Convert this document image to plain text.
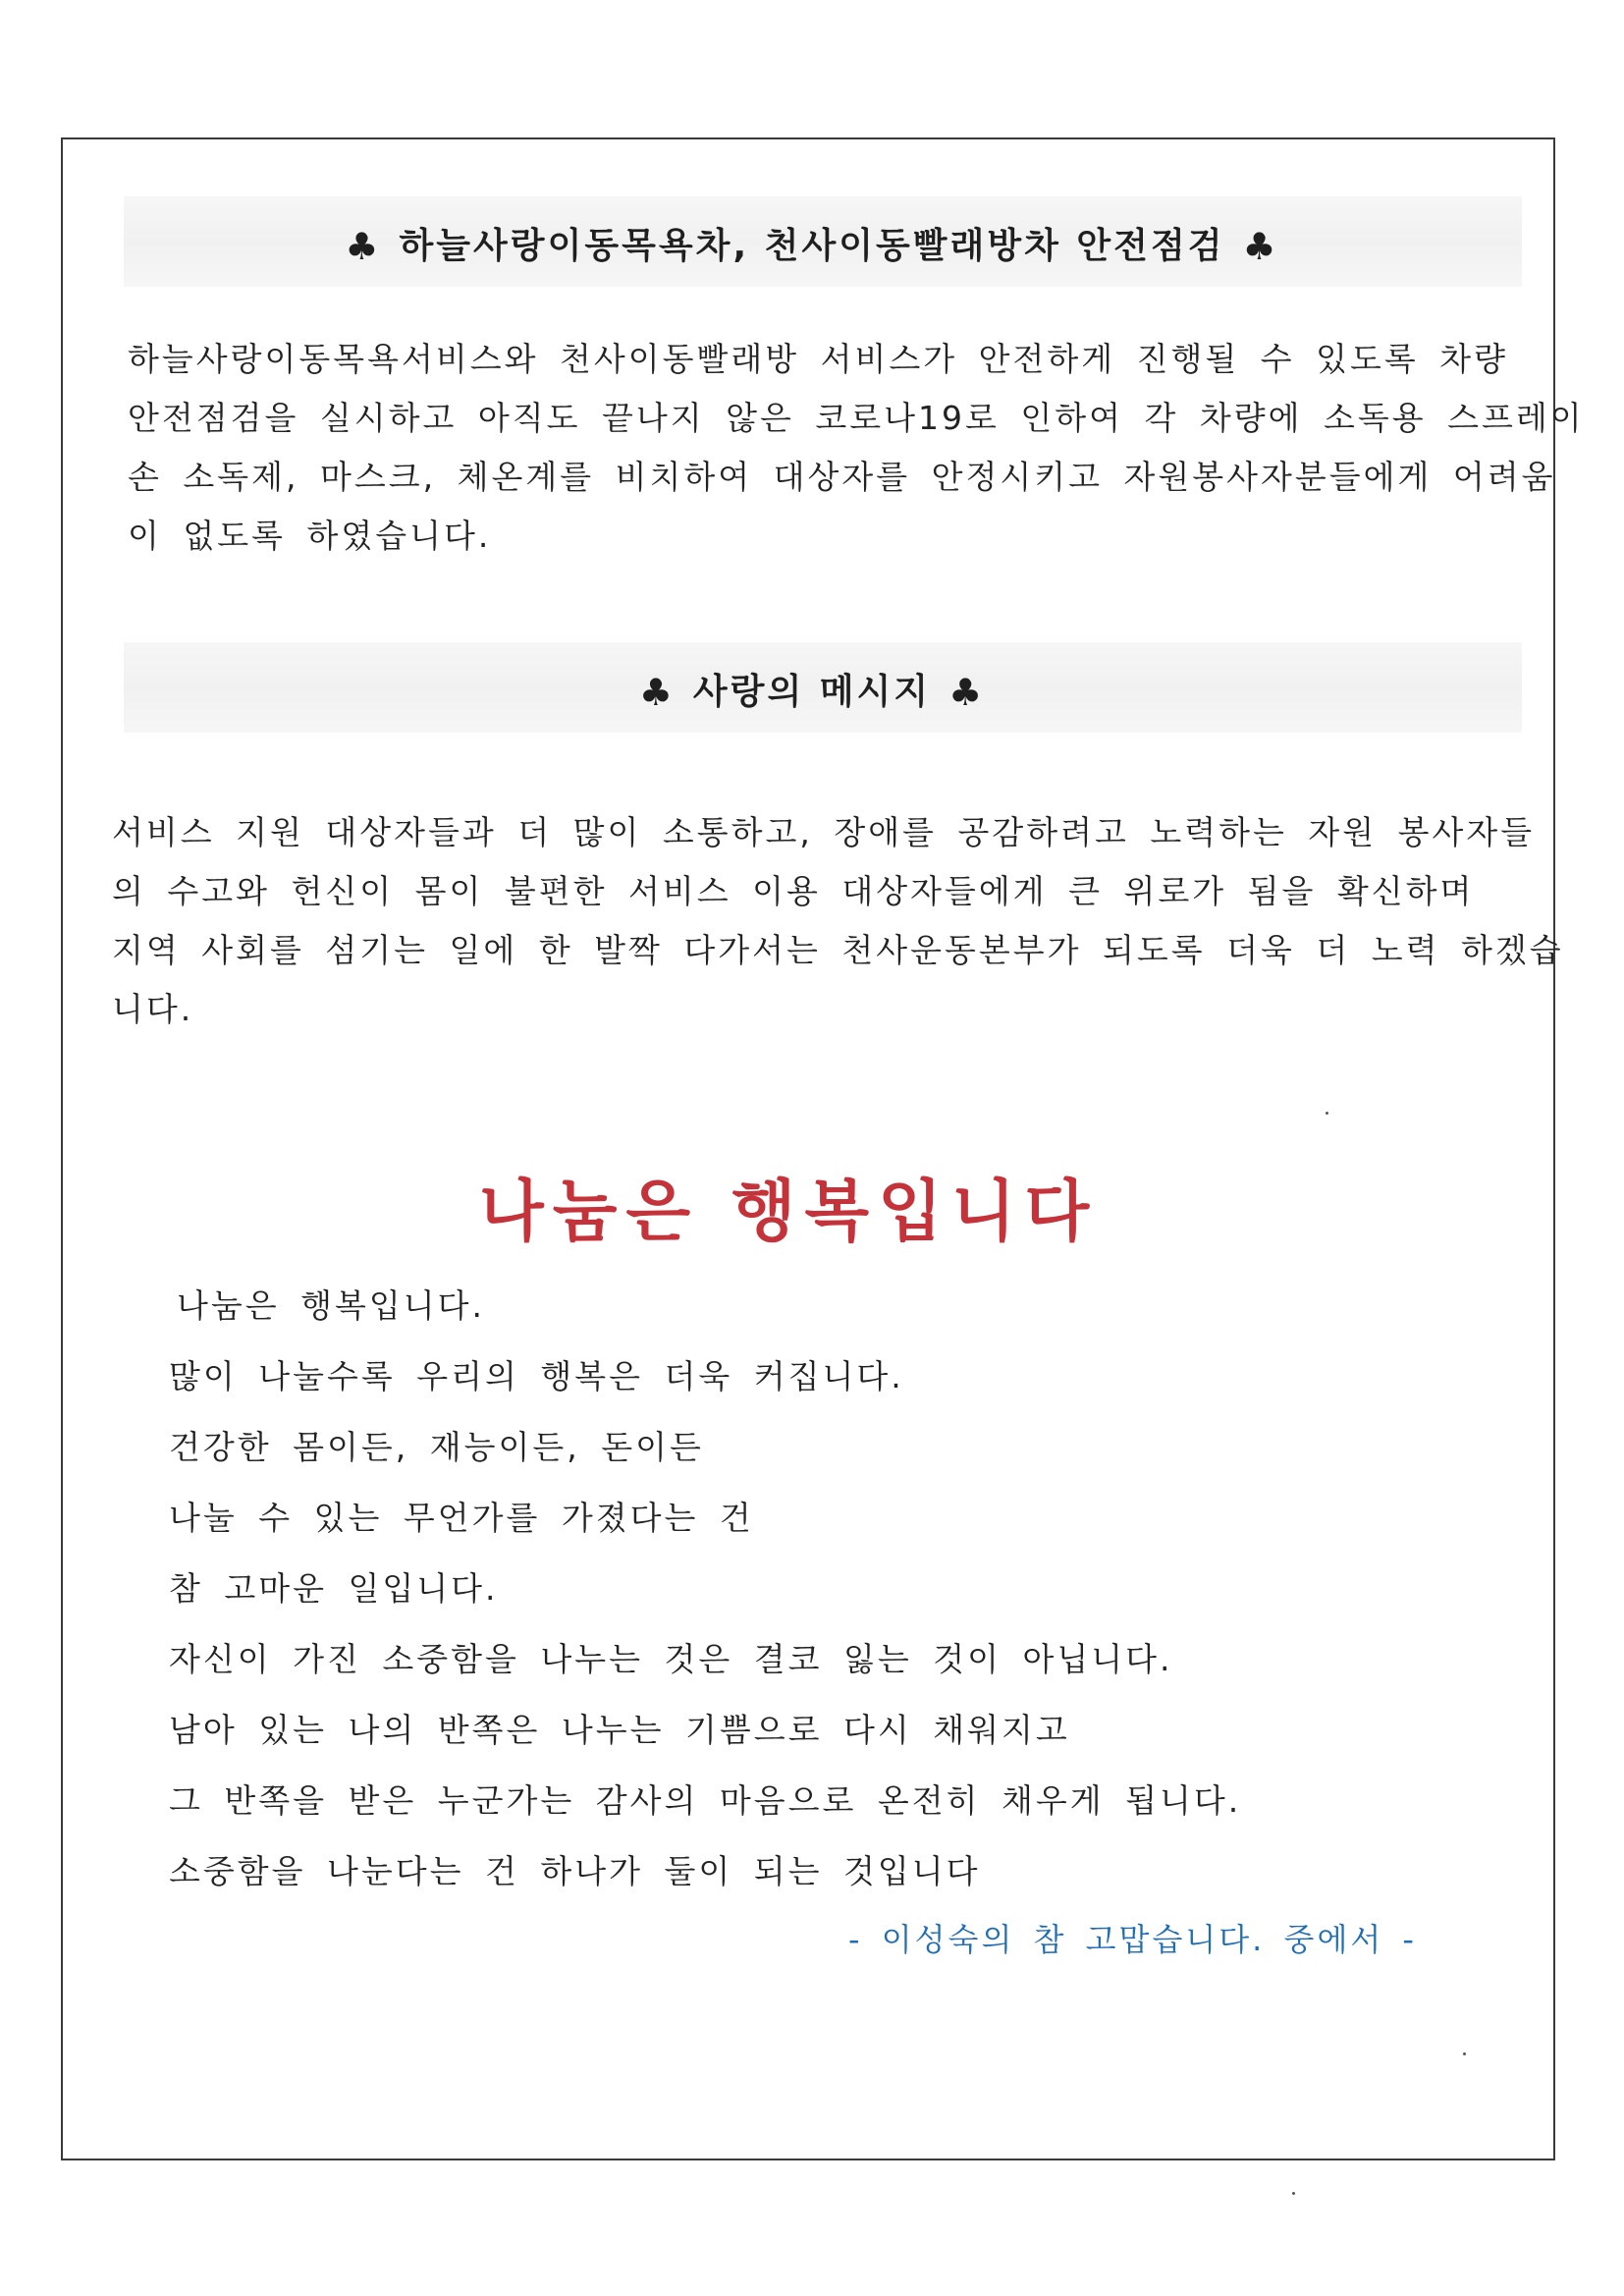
♣ 하늘사랑이동목욕차, 천사이동빨래방차 안전점검 ♣
하늘사랑이동목욕서비스와 천사이동빨래방 서비스가 안전하게 진행될 수 있도록 차량
안전점검을 실시하고 아직도 끝나지 않은 코로나19로 인하여 각 차량에 소독용 스프레이
손 소독제, 마스크, 체온계를 비치하여 대상자를 안정시키고 자원봉사자분들에게 어려움
이 없도록 하였습니다.
♣ 사랑의 메시지 ♣
서비스 지원 대상자들과 더 많이 소통하고, 장애를 공감하려고 노력하는 자원 봉사자들
의 수고와 헌신이 몸이 불편한 서비스 이용 대상자들에게 큰 위로가 됨을 확신하며
지역 사회를 섬기는 일에 한 발짝 다가서는 천사운동본부가 되도록 더욱 더 노력 하겠습
니다.
나눔은 행복입니다
나눔은 행복입니다.
많이 나눌수록 우리의 행복은 더욱 커집니다.
건강한 몸이든, 재능이든, 돈이든
나눌 수 있는 무언가를 가졌다는 건
참 고마운 일입니다.
자신이 가진 소중함을 나누는 것은 결코 잃는 것이 아닙니다.
남아 있는 나의 반쪽은 나누는 기쁨으로 다시 채워지고
그 반쪽을 받은 누군가는 감사의 마음으로 온전히 채우게 됩니다.
소중함을 나눈다는 건 하나가 둘이 되는 것입니다
- 이성숙의 참 고맙습니다. 중에서 -
